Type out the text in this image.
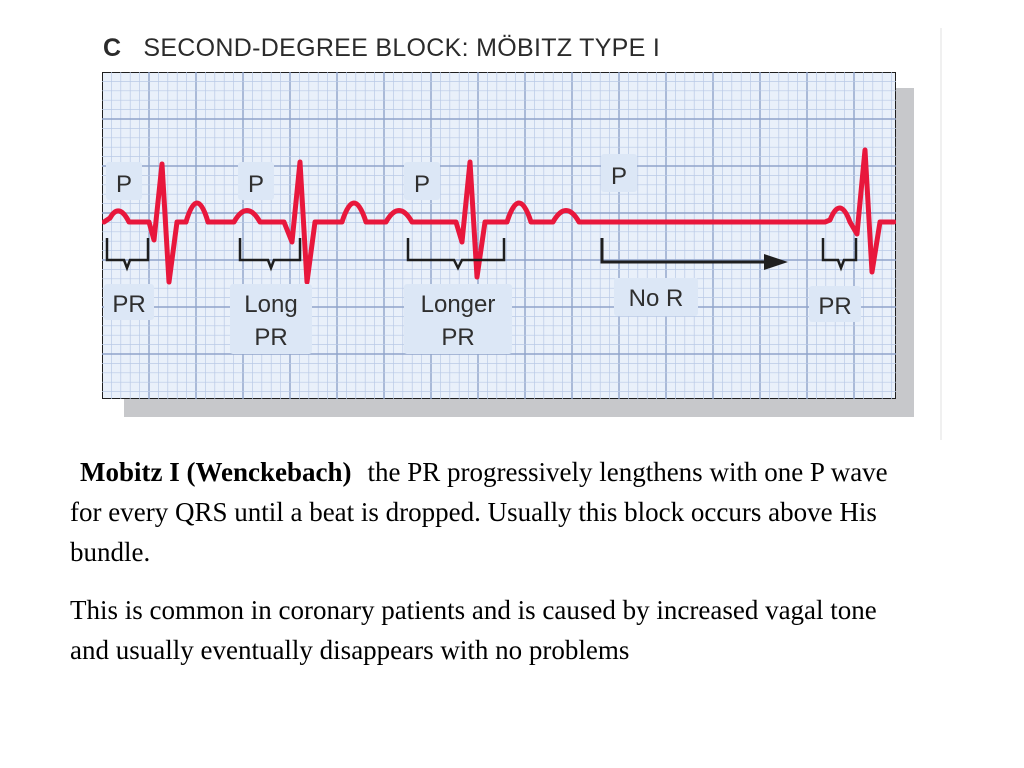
C SECOND-DEGREE BLOCK: MÖBITZ TYPE I
P	P	P	P
PR	Long
PR
Longer
PR
No R	PR

Mobitz I (Wenckebach) the PR progressively lengthens with one P wave for every QRS until a beat is dropped. Usually this block occurs above His bundle.

This is common in coronary patients and is caused by increased vagal tone and usually eventually disappears with no problems
